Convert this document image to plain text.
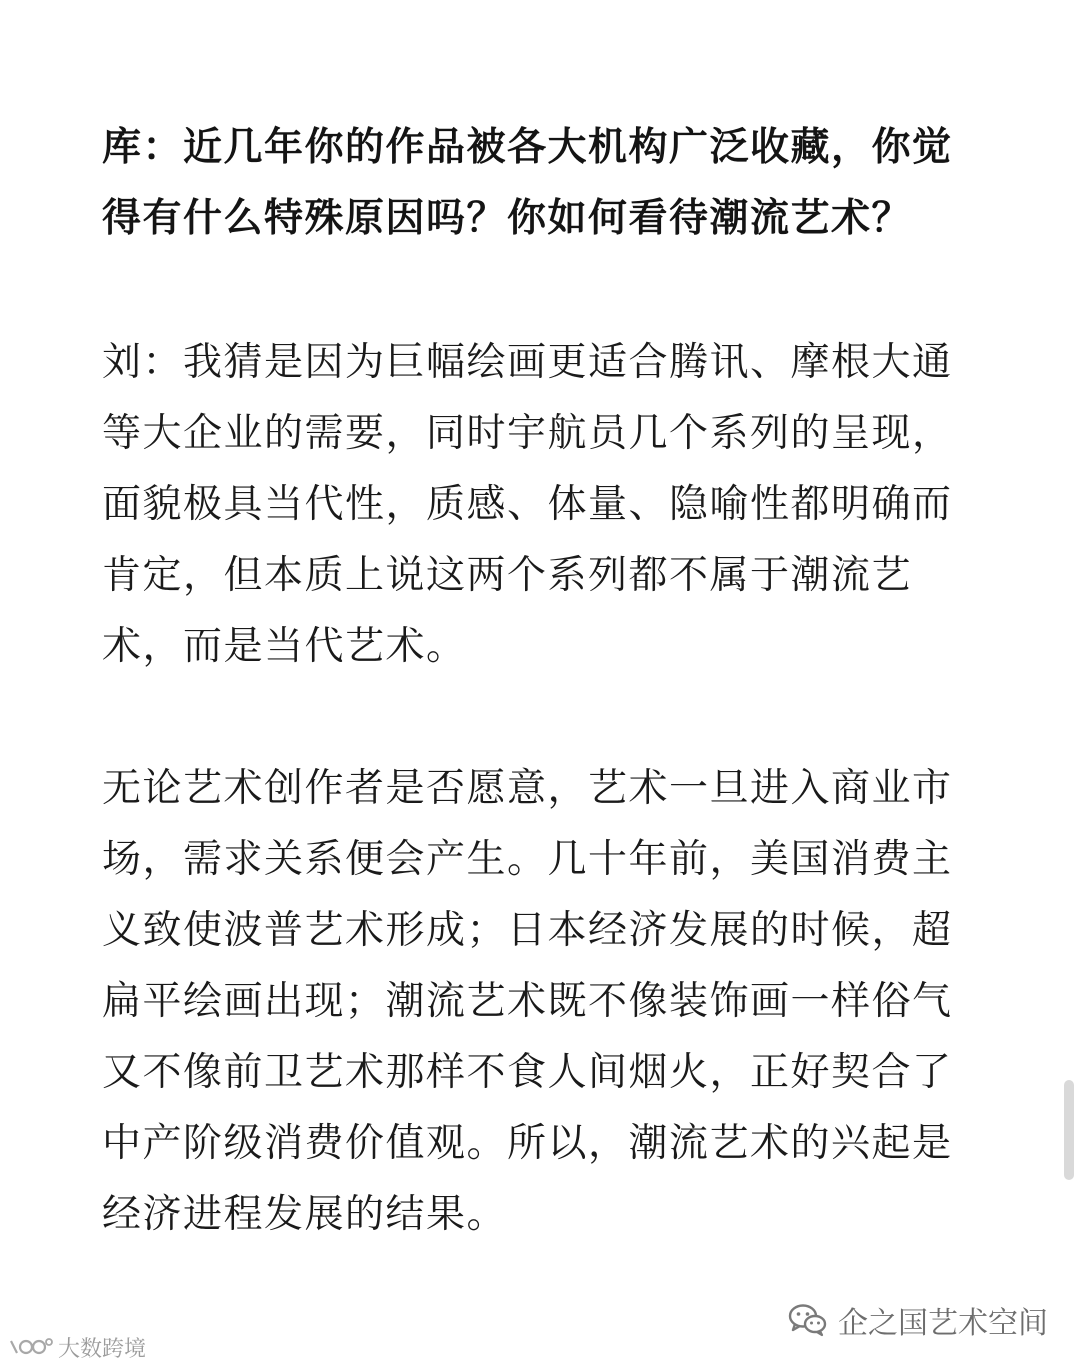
库：近几年你的作品被各大机构广泛收藏，你觉得有什么特殊原因吗？你如何看待潮流艺术？

刘：我猜是因为巨幅绘画更适合腾讯、摩根大通等大企业的需要，同时宇航员几个系列的呈现，面貌极具当代性，质感、体量、隐喻性都明确而肯定，但本质上说这两个系列都不属于潮流艺术，而是当代艺术。

无论艺术创作者是否愿意，艺术一旦进入商业市场，需求关系便会产生。几十年前，美国消费主义致使波普艺术形成；日本经济发展的时候，超扁平绘画出现；潮流艺术既不像装饰画一样俗气又不像前卫艺术那样不食人间烟火，正好契合了中产阶级消费价值观。所以，潮流艺术的兴起是经济进程发展的结果。

企之国艺术空间
大数跨境
